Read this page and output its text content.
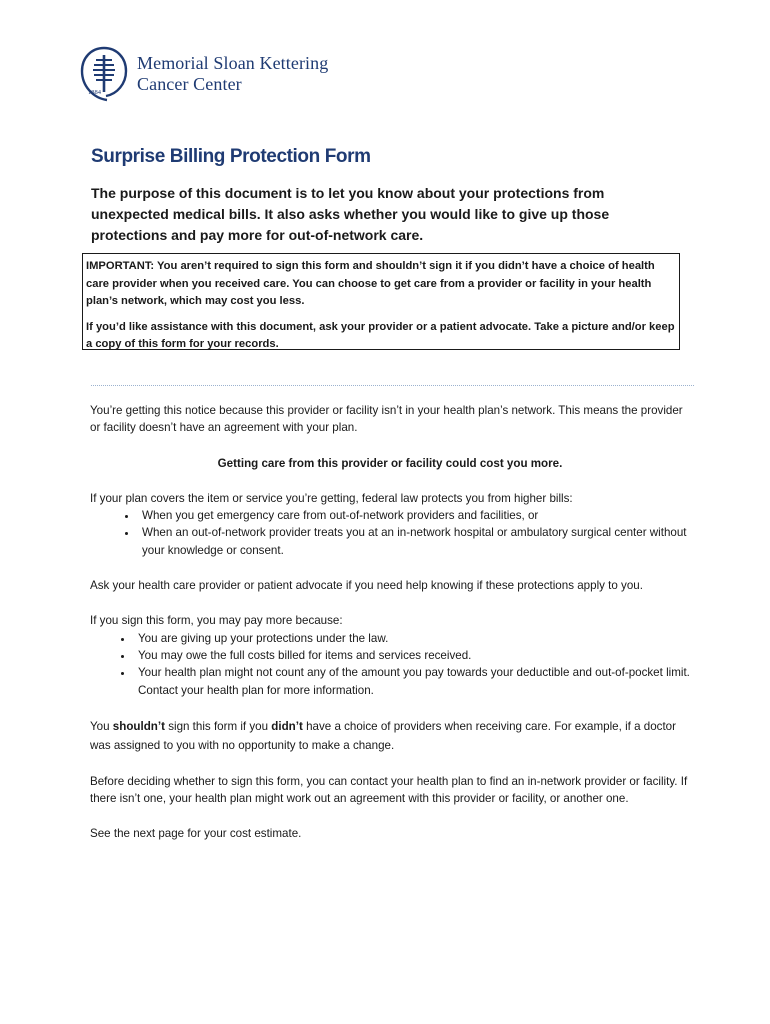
1884
Memorial Sloan Kettering
Cancer Center
Surprise Billing Protection Form
The purpose of this document is to let you know about your protections from unexpected medical bills. It also asks whether you would like to give up those protections and pay more for out-of-network care.

IMPORTANT: You aren’t required to sign this form and shouldn’t sign it if you didn’t have a choice of health care provider when you received care. You can choose to get care from a provider or facility in your health plan’s network, which may cost you less.

If you’d like assistance with this document, ask your provider or a patient advocate. Take a picture and/or keep a copy of this form for your records.

You’re getting this notice because this provider or facility isn’t in your health plan’s network. This means the provider or facility doesn’t have an agreement with your plan.

Getting care from this provider or facility could cost you more.

If your plan covers the item or service you’re getting, federal law protects you from higher bills:

• When you get emergency care from out-of-network providers and facilities, or
• When an out-of-network provider treats you at an in-network hospital or ambulatory surgical center without your knowledge or consent.

Ask your health care provider or patient advocate if you need help knowing if these protections apply to you.

If you sign this form, you may pay more because:

• You are giving up your protections under the law.
• You may owe the full costs billed for items and services received.
• Your health plan might not count any of the amount you pay towards your deductible and out-of-pocket limit. Contact your health plan for more information.

You shouldn’t sign this form if you didn’t have a choice of providers when receiving care. For example, if a doctor was assigned to you with no opportunity to make a change.

Before deciding whether to sign this form, you can contact your health plan to find an in-network provider or facility. If there isn’t one, your health plan might work out an agreement with this provider or facility, or another one.

See the next page for your cost estimate.
